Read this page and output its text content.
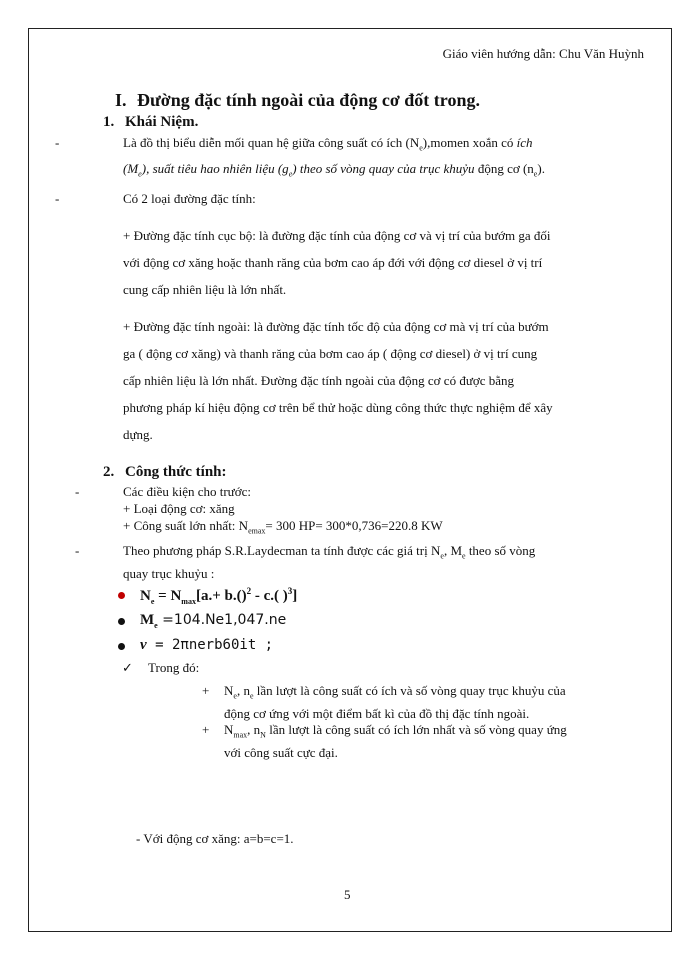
Giáo viên hướng dẫn: Chu Văn Huỳnh
I. Đường đặc tính ngoài của động cơ đốt trong.
1. Khái Niệm.
-	Là đồ thị biểu diễn mối quan hệ giữa công suất có ích $(N_e),momen$ xoắn có ích
$(M_e)$, suất tiêu hao nhiên liệu $(g_e)$ theo số vòng quay của trục khuỷu động cơ $(n_e)$.
-	Có 2 loại đường đặc tính:
+ Đường đặc tính cục bộ: là đường đặc tính của động cơ và vị trí của bướm ga đối
với động cơ xăng hoặc thanh răng của bơm cao áp đới với động cơ diesel ở vị trí
cung cấp nhiên liệu là lớn nhất.
+ Đường đặc tính ngoài: là đường đặc tính tốc độ của động cơ mà vị trí của bướm
ga ( động cơ xăng) và thanh răng của bơm cao áp ( động cơ diesel) ở vị trí cung
cấp nhiên liệu là lớn nhất. Đường đặc tính ngoài của động cơ có được bằng
phương pháp kí hiệu động cơ trên bể thử hoặc dùng công thức thực nghiệm để xây
dựng.
2. Công thức tính:
-	Các điều kiện cho trước:
+ Loại động cơ: xăng
+ Công suất lớn nhất: $N_{emax}= 300$ HP= 300*0,736=220.8 KW
-	Theo phương pháp S.R.Laydecman ta tính được các giá trị $N_e$, $M_e$ theo số vòng
quay trục khuỷu :
$N_e = N_{max}[a.+ b.()^2 - c$.( )$^3$]
$M_e =104.Ne1,047.ne$
v = 2πnerb60it ;
✓ Trong đó:
+ $N_e$, $n_e$ lần lượt là công suất có ích và số vòng quay trục khuỷu của
động cơ ứng với một điểm bất kì của đồ thị đặc tính ngoài.
+ $N_{max}$, $n_N$ lần lượt là công suất có ích lớn nhất và số vòng quay ứng
với công suất cực đại.
- Với động cơ xăng: a=b=c=1.
5
